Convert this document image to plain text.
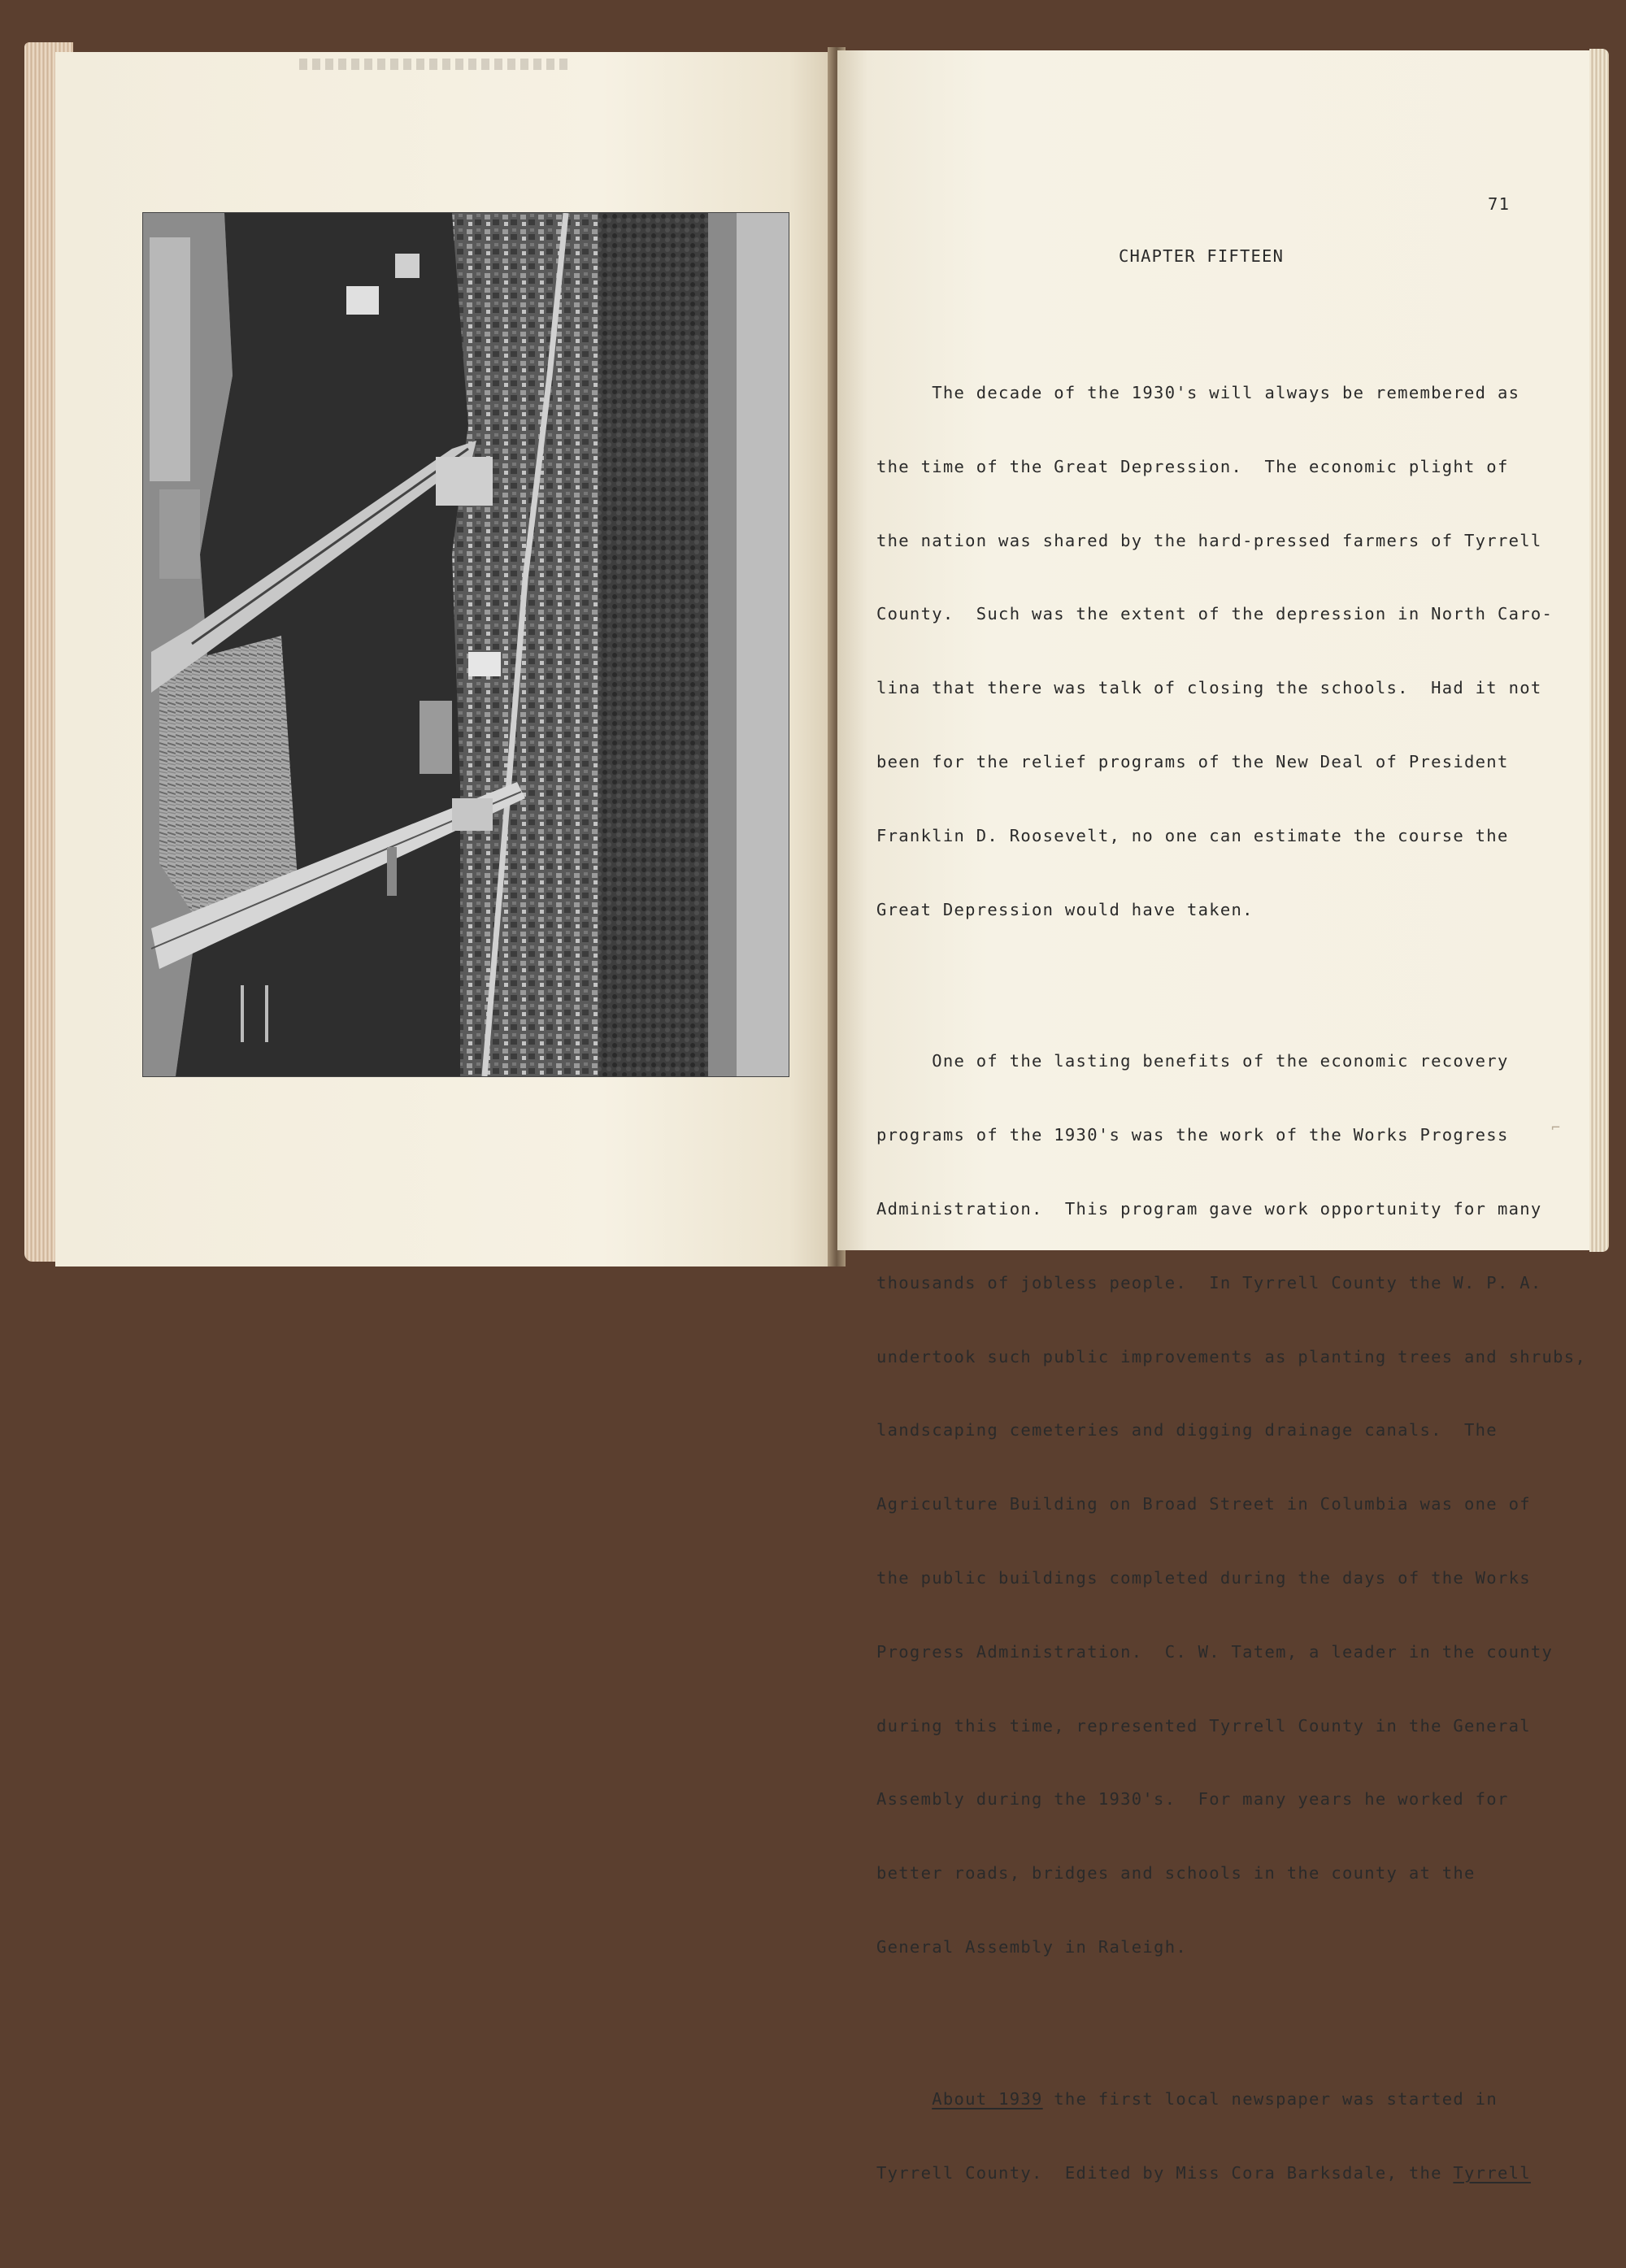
⌐
71
CHAPTER FIFTEEN

The decade of the 1930's will always be remembered as

the time of the Great Depression.  The economic plight of

the nation was shared by the hard-pressed farmers of Tyrrell

County.  Such was the extent of the depression in North Caro-

lina that there was talk of closing the schools.  Had it not

been for the relief programs of the New Deal of President

Franklin D. Roosevelt, no one can estimate the course the

Great Depression would have taken.

One of the lasting benefits of the economic recovery

programs of the 1930's was the work of the Works Progress

Administration.  This program gave work opportunity for many

thousands of jobless people.  In Tyrrell County the W. P. A.

undertook such public improvements as planting trees and shrubs,

landscaping cemeteries and digging drainage canals.  The

Agriculture Building on Broad Street in Columbia was one of

the public buildings completed during the days of the Works

Progress Administration.  C. W. Tatem, a leader in the county

during this time, represented Tyrrell County in the General

Assembly during the 1930's.  For many years he worked for

better roads, bridges and schools in the county at the

General Assembly in Raleigh.

About 1939 the first local newspaper was started in

Tyrrell County.  Edited by Miss Cora Barksdale, the Tyrrell
